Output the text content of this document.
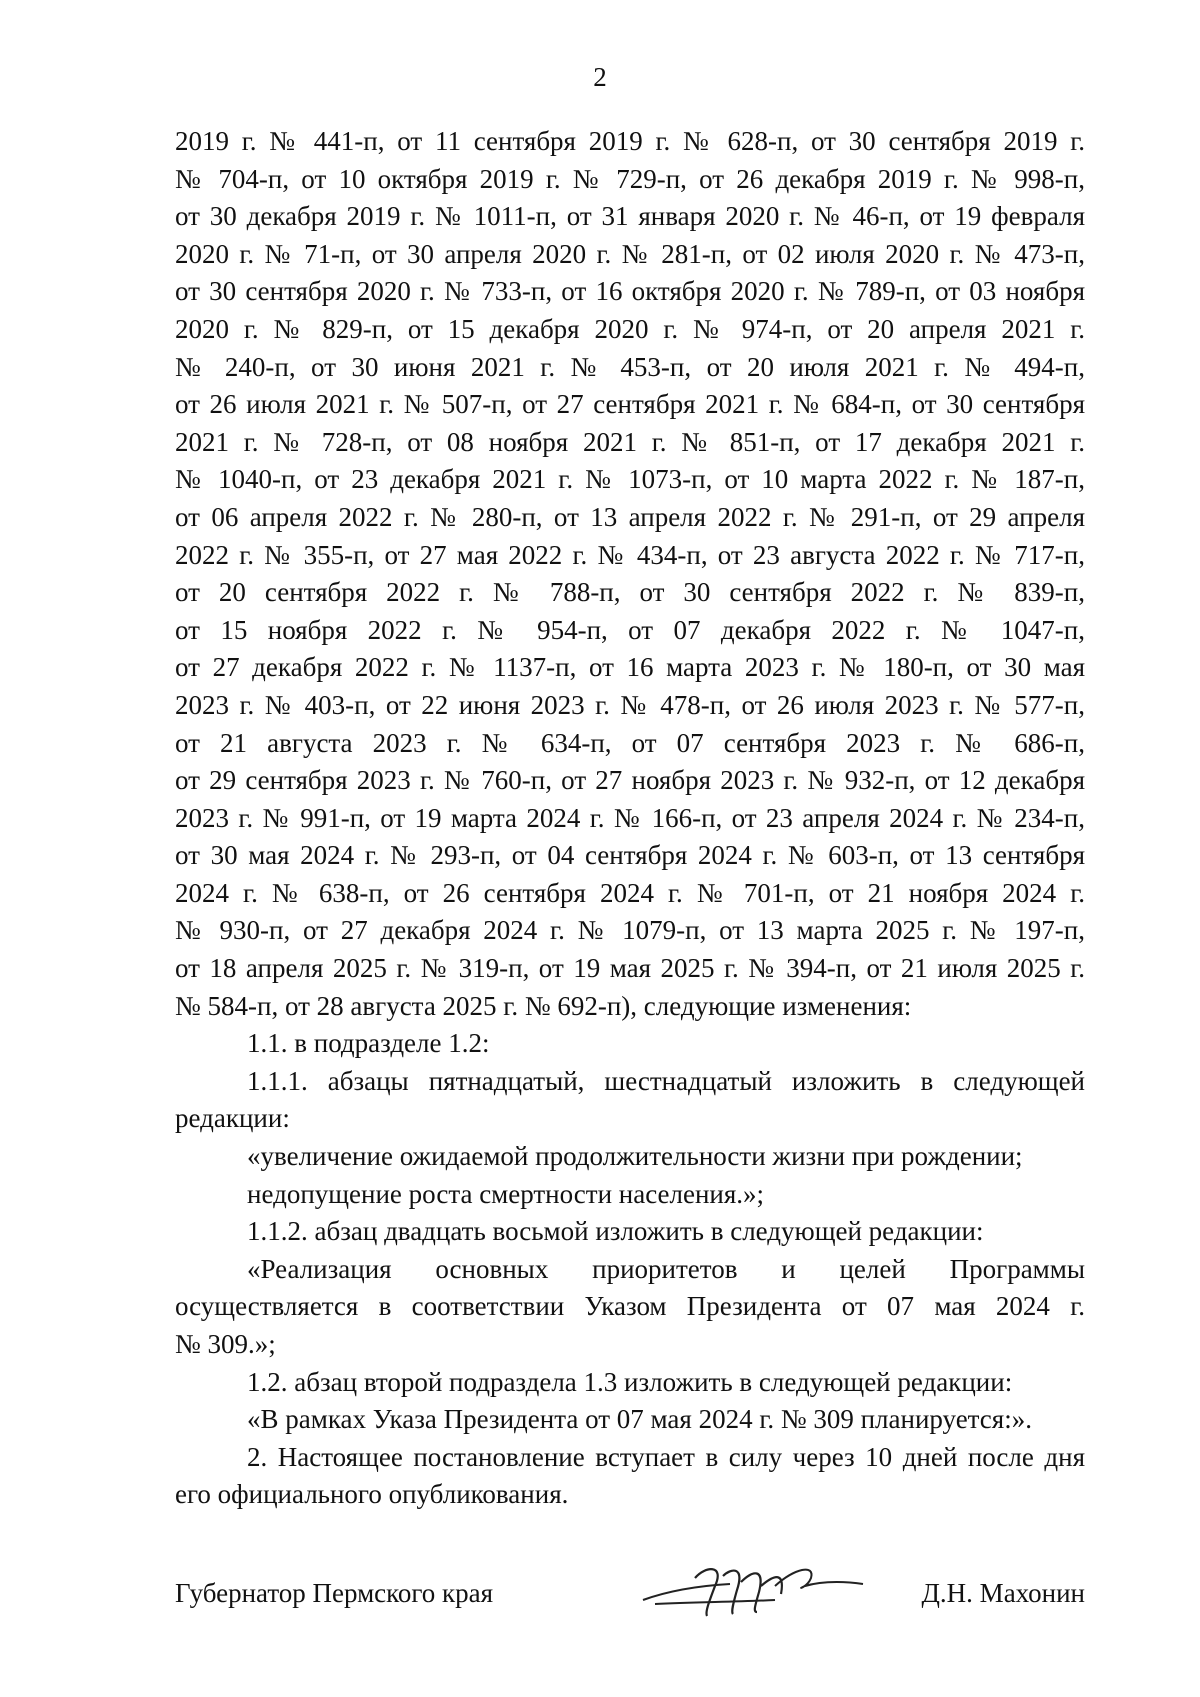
2
2019 г. № 441-п, от 11 сентября 2019 г. № 628-п, от 30 сентября 2019 г.
№ 704-п, от 10 октября 2019 г. № 729-п, от 26 декабря 2019 г. № 998-п,
от 30 декабря 2019 г. № 1011-п, от 31 января 2020 г. № 46-п, от 19 февраля
2020 г. № 71-п, от 30 апреля 2020 г. № 281-п, от 02 июля 2020 г. № 473-п,
от 30 сентября 2020 г. № 733-п, от 16 октября 2020 г. № 789-п, от 03 ноября
2020 г. № 829-п, от 15 декабря 2020 г. № 974-п, от 20 апреля 2021 г.
№ 240-п, от 30 июня 2021 г. № 453-п, от 20 июля 2021 г. № 494-п,
от 26 июля 2021 г. № 507-п, от 27 сентября 2021 г. № 684-п, от 30 сентября
2021 г. № 728-п, от 08 ноября 2021 г. № 851-п, от 17 декабря 2021 г.
№ 1040-п, от 23 декабря 2021 г. № 1073-п, от 10 марта 2022 г. № 187-п,
от 06 апреля 2022 г. № 280-п, от 13 апреля 2022 г. № 291-п, от 29 апреля
2022 г. № 355-п, от 27 мая 2022 г. № 434-п, от 23 августа 2022 г. № 717-п,
от 20 сентября 2022 г. № 788-п, от 30 сентября 2022 г. № 839-п,
от 15 ноября 2022 г. № 954-п, от 07 декабря 2022 г. № 1047-п,
от 27 декабря 2022 г. № 1137-п, от 16 марта 2023 г. № 180-п, от 30 мая
2023 г. № 403-п, от 22 июня 2023 г. № 478-п, от 26 июля 2023 г. № 577-п,
от 21 августа 2023 г. № 634-п, от 07 сентября 2023 г. № 686-п,
от 29 сентября 2023 г. № 760-п, от 27 ноября 2023 г. № 932-п, от 12 декабря
2023 г. № 991-п, от 19 марта 2024 г. № 166-п, от 23 апреля 2024 г. № 234-п,
от 30 мая 2024 г. № 293-п, от 04 сентября 2024 г. № 603-п, от 13 сентября
2024 г. № 638-п, от 26 сентября 2024 г. № 701-п, от 21 ноября 2024 г.
№ 930-п, от 27 декабря 2024 г. № 1079-п, от 13 марта 2025 г. № 197-п,
от 18 апреля 2025 г. № 319-п, от 19 мая 2025 г. № 394-п, от 21 июля 2025 г.
№ 584-п, от 28 августа 2025 г. № 692-п), следующие изменения:
1.1. в подразделе 1.2:
1.1.1. абзацы пятнадцатый, шестнадцатый изложить в следующей
редакции:
«увеличение ожидаемой продолжительности жизни при рождении;
недопущение роста смертности населения.»;
1.1.2. абзац двадцать восьмой изложить в следующей редакции:
«Реализация основных приоритетов и целей Программы
осуществляется в соответствии Указом Президента от 07 мая 2024 г.
№ 309.»;
1.2. абзац второй подраздела 1.3 изложить в следующей редакции:
«В рамках Указа Президента от 07 мая 2024 г. № 309 планируется:».
2. Настоящее постановление вступает в силу через 10 дней после дня
его официального опубликования.
Губернатор Пермского края	Д.Н. Махонин
